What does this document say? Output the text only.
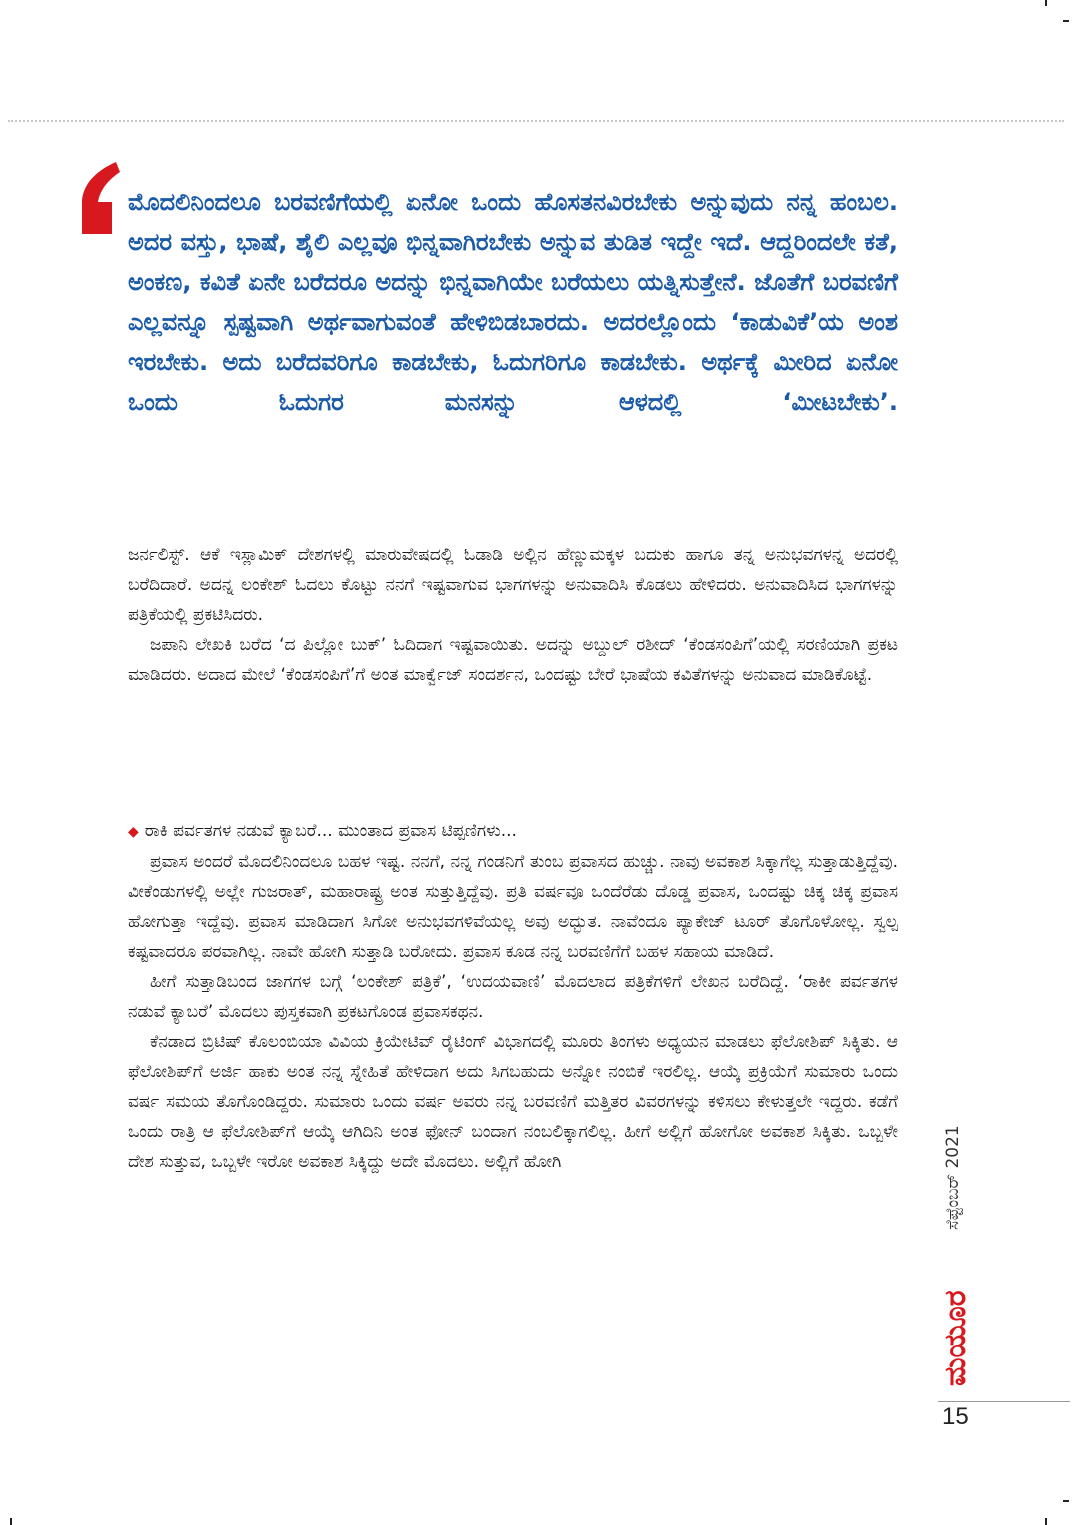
ಮೊದಲಿನಿಂದಲೂ ಬರವಣಿಗೆಯಲ್ಲಿ ಏನೋ ಒಂದು ಹೊಸತನವಿರಬೇಕು ಅನ್ನುವುದು ನನ್ನ ಹಂಬಲ. ಅದರ ವಸ್ತು, ಭಾಷೆ, ಶೈಲಿ ಎಲ್ಲವೂ ಭಿನ್ನವಾಗಿರಬೇಕು ಅನ್ನುವ ತುಡಿತ ಇದ್ದೇ ಇದೆ. ಆದ್ದರಿಂದಲೇ ಕತೆ, ಅಂಕಣ, ಕವಿತೆ ಏನೇ ಬರೆದರೂ ಅದನ್ನು ಭಿನ್ನವಾಗಿಯೇ ಬರೆಯಲು ಯತ್ನಿಸುತ್ತೇನೆ. ಜೊತೆಗೆ ಬರವಣಿಗೆ ಎಲ್ಲವನ್ನೂ ಸ್ಪಷ್ಟವಾಗಿ ಅರ್ಥವಾಗುವಂತೆ ಹೇಳಿಬಿಡಬಾರದು. ಅದರಲ್ಲೊಂದು ‘ಕಾಡುವಿಕೆ’ಯ ಅಂಶ ಇರಬೇಕು. ಅದು ಬರೆದವರಿಗೂ ಕಾಡಬೇಕು, ಓದುಗರಿಗೂ ಕಾಡಬೇಕು. ಅರ್ಥಕ್ಕೆ ಮೀರಿದ ಏನೋ ಒಂದು ಓದುಗರ ಮನಸನ್ನು ಆಳದಲ್ಲಿ ‘ಮೀಟಬೇಕು’.

ಜರ್ನಲಿಸ್ಟ್. ಆಕೆ ಇಸ್ಲಾಮಿಕ್ ದೇಶಗಳಲ್ಲಿ ಮಾರುವೇಷದಲ್ಲಿ ಓಡಾಡಿ ಅಲ್ಲಿನ ಹೆಣ್ಣುಮಕ್ಕಳ ಬದುಕು ಹಾಗೂ ತನ್ನ ಅನುಭವಗಳನ್ನ ಅದರಲ್ಲಿ ಬರೆದಿದಾರೆ. ಅದನ್ನ ಲಂಕೇಶ್ ಓದಲು ಕೊಟ್ಟು ನನಗೆ ಇಷ್ಟವಾಗುವ ಭಾಗಗಳನ್ನು ಅನುವಾದಿಸಿ ಕೊಡಲು ಹೇಳಿದರು. ಅನುವಾದಿಸಿದ ಭಾಗಗಳನ್ನು ಪತ್ರಿಕೆಯಲ್ಲಿ ಪ್ರಕಟಿಸಿದರು.

ಜಪಾನಿ ಲೇಖಕಿ ಬರೆದ ‘ದ ಪಿಲ್ಲೋ ಬುಕ್’ ಓದಿದಾಗ ಇಷ್ಟವಾಯಿತು. ಅದನ್ನು ಅಬ್ದುಲ್ ರಶೀದ್ ‘ಕೆಂಡಸಂಪಿಗೆ’ಯಲ್ಲಿ ಸರಣಿಯಾಗಿ ಪ್ರಕಟ ಮಾಡಿದರು. ಅದಾದ ಮೇಲೆ ‘ಕೆಂಡಸಂಪಿಗೆ’ಗೆ ಅಂತ ಮಾರ್ಕ್ವೆಜ್ ಸಂದರ್ಶನ, ಒಂದಷ್ಟು ಬೇರೆ ಭಾಷೆಯ ಕವಿತೆಗಳನ್ನು ಅನುವಾದ ಮಾಡಿಕೊಟ್ಟೆ.

◆ ರಾಕಿ ಪರ್ವತಗಳ ನಡುವೆ ಕ್ಯಾಬರೆ... ಮುಂತಾದ ಪ್ರವಾಸ ಟಿಪ್ಪಣಿಗಳು...

ಪ್ರವಾಸ ಅಂದರೆ ಮೊದಲಿನಿಂದಲೂ ಬಹಳ ಇಷ್ಟ. ನನಗೆ, ನನ್ನ ಗಂಡನಿಗೆ ತುಂಬ ಪ್ರವಾಸದ ಹುಚ್ಚು. ನಾವು ಅವಕಾಶ ಸಿಕ್ಕಾಗೆಲ್ಲ ಸುತ್ತಾಡುತ್ತಿದ್ದೆವು. ವೀಕೆಂಡುಗಳಲ್ಲಿ ಅಲ್ಲೇ ಗುಜರಾತ್, ಮಹಾರಾಷ್ಟ್ರ ಅಂತ ಸುತ್ತುತ್ತಿದ್ದೆವು. ಪ್ರತಿ ವರ್ಷವೂ ಒಂದೆರೆಡು ದೊಡ್ಡ ಪ್ರವಾಸ, ಒಂದಷ್ಟು ಚಿಕ್ಕ ಚಿಕ್ಕ ಪ್ರವಾಸ ಹೋಗುತ್ತಾ ಇದ್ದೆವು. ಪ್ರವಾಸ ಮಾಡಿದಾಗ ಸಿಗೋ ಅನುಭವಗಳಿವೆಯಲ್ಲ ಅವು ಅದ್ಭುತ. ನಾವೆಂದೂ ಪ್ಯಾಕೇಜ್ ಟೂರ್ ತೊಗೊಳೋಲ್ಲ. ಸ್ವಲ್ಪ ಕಷ್ಟವಾದರೂ ಪರವಾಗಿಲ್ಲ. ನಾವೇ ಹೋಗಿ ಸುತ್ತಾಡಿ ಬರೋದು. ಪ್ರವಾಸ ಕೂಡ ನನ್ನ ಬರವಣಿಗೆಗೆ ಬಹಳ ಸಹಾಯ ಮಾಡಿದೆ.

ಹೀಗೆ ಸುತ್ತಾಡಿಬಂದ ಜಾಗಗಳ ಬಗ್ಗೆ ‘ಲಂಕೇಶ್ ಪತ್ರಿಕೆ’, ‘ಉದಯವಾಣಿ’ ಮೊದಲಾದ ಪತ್ರಿಕೆಗಳಿಗೆ ಲೇಖನ ಬರೆದಿದ್ದೆ. ‘ರಾಕೀ ಪರ್ವತಗಳ ನಡುವೆ ಕ್ಯಾಬರೆ’ ಮೊದಲು ಪುಸ್ತಕವಾಗಿ ಪ್ರಕಟಗೊಂಡ ಪ್ರವಾಸಕಥನ.

ಕೆನಡಾದ ಬ್ರಿಟಿಷ್ ಕೊಲಂಬಿಯಾ ವಿವಿಯ ಕ್ರಿಯೇಟಿವ್ ರೈಟಿಂಗ್ ವಿಭಾಗದಲ್ಲಿ ಮೂರು ತಿಂಗಳು ಅಧ್ಯಯನ ಮಾಡಲು ಫೆಲೋಶಿಪ್ ಸಿಕ್ಕಿತು. ಆ ಫೆಲೋಶಿಪ್‌ಗೆ ಅರ್ಜಿ ಹಾಕು ಅಂತ ನನ್ನ ಸ್ನೇಹಿತೆ ಹೇಳಿದಾಗ ಅದು ಸಿಗಬಹುದು ಅನ್ನೋ ನಂಬಿಕೆ ಇರಲಿಲ್ಲ. ಆಯ್ಕೆ ಪ್ರಕ್ರಿಯೆಗೆ ಸುಮಾರು ಒಂದು ವರ್ಷ ಸಮಯ ತೊಗೊಂಡಿದ್ದರು. ಸುಮಾರು ಒಂದು ವರ್ಷ ಅವರು ನನ್ನ ಬರವಣಿಗೆ ಮತ್ತಿತರ ವಿವರಗಳನ್ನು ಕಳಿಸಲು ಕೇಳುತ್ತಲೇ ಇದ್ದರು. ಕಡೆಗೆ ಒಂದು ರಾತ್ರಿ ಆ ಫೆಲೋಶಿಪ್‌ಗೆ ಆಯ್ಕೆ ಆಗಿದಿನಿ ಅಂತ ಫೋನ್ ಬಂದಾಗ ನಂಬಲಿಕ್ಕಾಗಲಿಲ್ಲ. ಹೀಗೆ ಅಲ್ಲಿಗೆ ಹೋಗೋ ಅವಕಾಶ ಸಿಕ್ಕಿತು. ಒಬ್ಬಳೇ ದೇಶ ಸುತ್ತುವ, ಒಬ್ಬಳೇ ಇರೋ ಅವಕಾಶ ಸಿಕ್ಕಿದ್ದು ಅದೇ ಮೊದಲು. ಅಲ್ಲಿಗೆ ಹೋಗಿ	ಸೆಪ್ಟೆಂಬರ್ 2021
ಮಯೂರ
15
